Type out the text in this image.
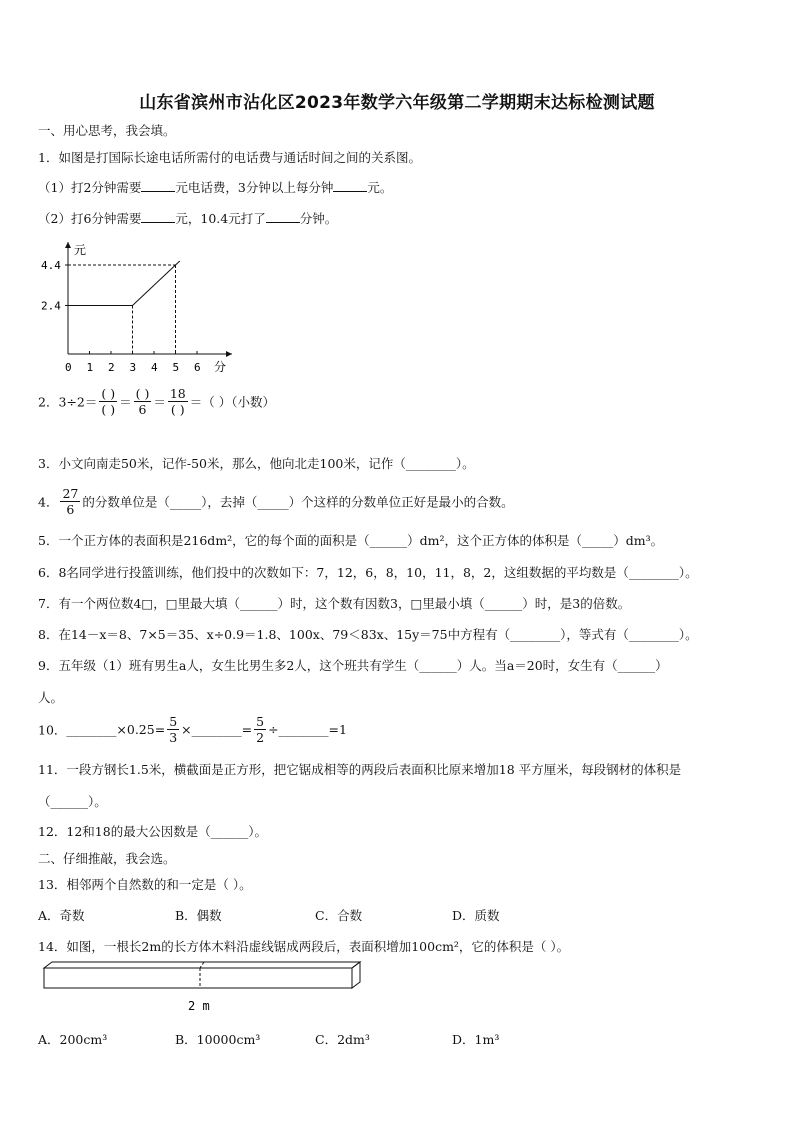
山东省滨州市沾化区2023年数学六年级第二学期期末达标检测试题
一、用心思考，我会填。
1．如图是打国际长途电话所需付的电话费与通话时间之间的关系图。
（1）打2分钟需要	元电话费，3分钟以上每分钟	元。
（2）打6分钟需要	元，10.4元打了	分钟。
元
分
0 1 2 3 4 5 6
2.4
4.4
2．$3\div 2= \frac{( )}{( )} = \frac{( )}{6} = \frac{18}{( )}$ ＝（ ）（小数）
3．小文向南走50米，记作-50米，那么，他向北走100米，记作（________）。
4． $\frac{27}{6}$ 的分数单位是（_____），去掉（_____）个这样的分数单位正好是最小的合数。
5．一个正方体的表面积是216dm²，它的每个面的面积是（______）dm²，这个正方体的体积是（_____）dm³。
6．8名同学进行投篮训练，他们投中的次数如下：7，12，6，8，10，11，8，2，这组数据的平均数是（________）。
7．有一个两位数4□，□里最大填（______）时，这个数有因数3，□里最小填（______）时，是3的倍数。
8．在14－x＝8、7×5＝35、x÷0.9＝1.8、100x、79＜83x、15y＝75中方程有（________），等式有（________）。
9．五年级（1）班有男生a人，女生比男生多2人，这个班共有学生（______）人。当a＝20时，女生有（______）
人。
10．________×0.25= $\frac{5}{3}$ ×________= $\frac{5}{2}$ ÷________=1
11．一段方钢长1.5米，横截面是正方形，把它锯成相等的两段后表面积比原来增加18 平方厘米，每段钢材的体积是
（______）。
12．12和18的最大公因数是（______）。
二、仔细推敲，我会选。
13．相邻两个自然数的和一定是（ ）。
A．奇数	B．偶数	C．合数	D．质数
14．如图，一根长2m的长方体木料沿虚线锯成两段后，表面积增加100cm²，它的体积是（ ）。
2 m
A．200cm³	B．10000cm³	C．2dm³	D．1m³
